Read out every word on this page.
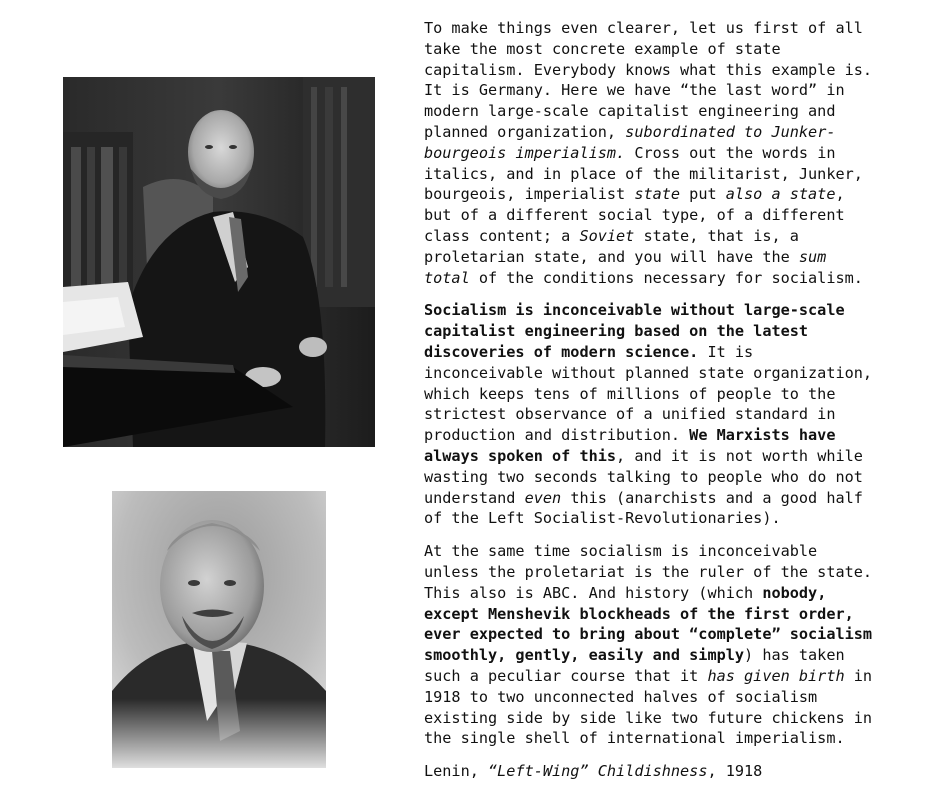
To make things even clearer, let us first of all
take the most concrete example of state
capitalism. Everybody knows what this example is.
It is Germany. Here we have “the last word” in
modern large-scale capitalist engineering and
planned organization, subordinated to Junker-
bourgeois imperialism. Cross out the words in
italics, and in place of the militarist, Junker,
bourgeois, imperialist state put also a state,
but of a different social type, of a different
class content; a Soviet state, that is, a
proletarian state, and you will have the sum
total of the conditions necessary for socialism.

Socialism is inconceivable without large-scale
capitalist engineering based on the latest
discoveries of modern science. It is
inconceivable without planned state organization,
which keeps tens of millions of people to the
strictest observance of a unified standard in
production and distribution. We Marxists have
always spoken of this, and it is not worth while
wasting two seconds talking to people who do not
understand even this (anarchists and a good half
of the Left Socialist-Revolutionaries).

At the same time socialism is inconceivable
unless the proletariat is the ruler of the state.
This also is ABC. And history (which nobody,
except Menshevik blockheads of the first order,
ever expected to bring about “complete” socialism
smoothly, gently, easily and simply) has taken
such a peculiar course that it has given birth in
1918 to two unconnected halves of socialism
existing side by side like two future chickens in
the single shell of international imperialism.

Lenin, “Left-Wing” Childishness, 1918
